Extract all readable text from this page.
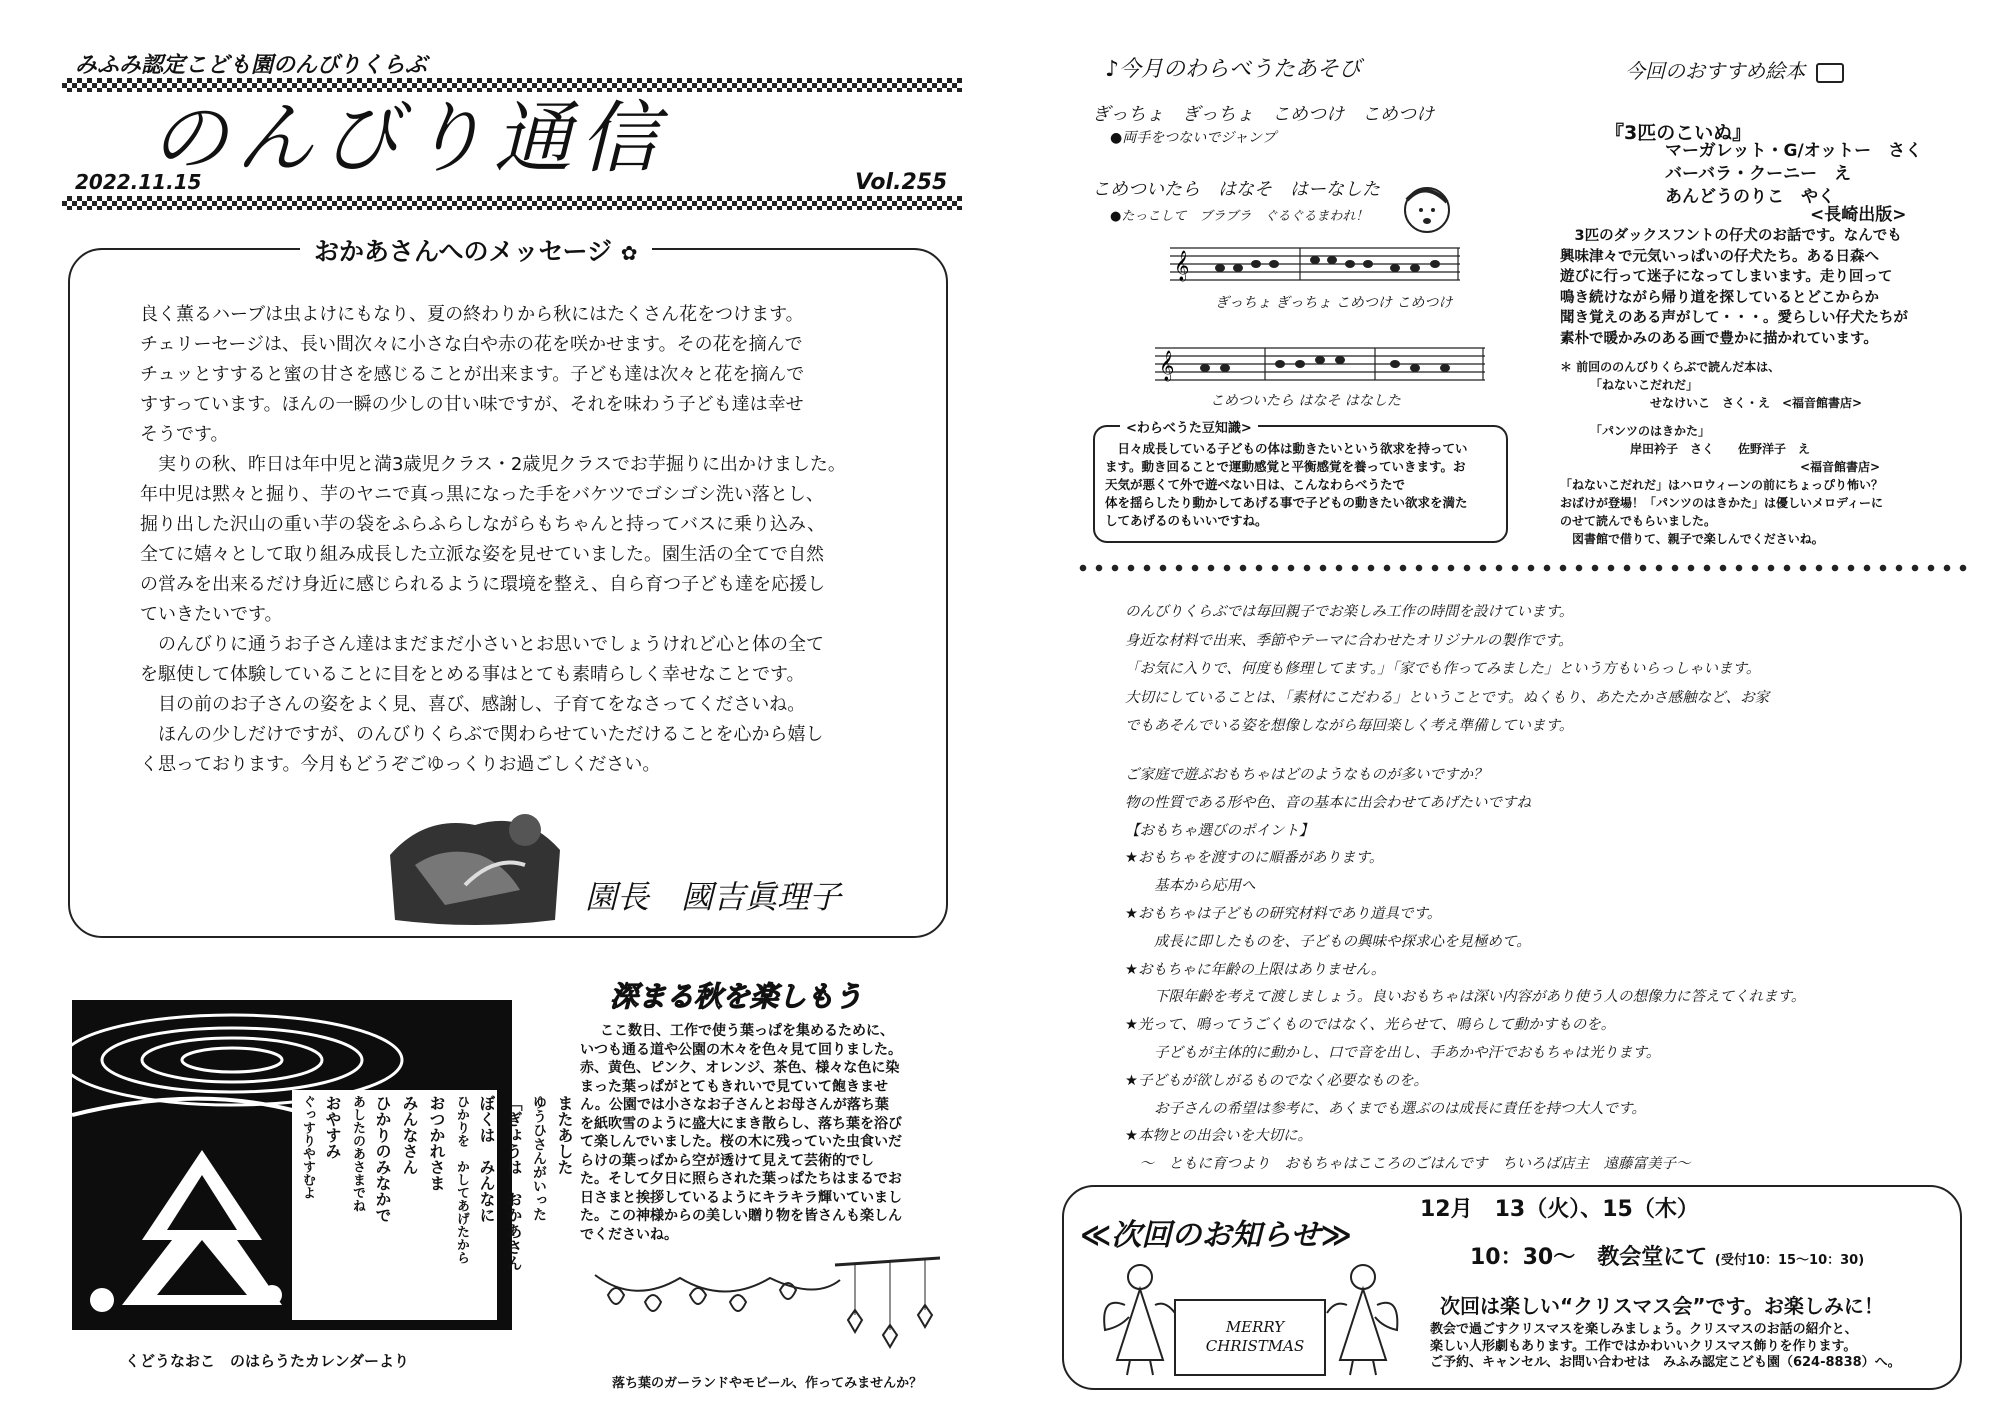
みふみ認定こども園のんびりくらぶ
のんびり通信
2022.11.15	Vol.255
おかあさんへのメッセージ ✿
良く薫るハーブは虫よけにもなり、夏の終わりから秋にはたくさん花をつけます。
チェリーセージは、長い間次々に小さな白や赤の花を咲かせます。その花を摘んで
チュッとすすると蜜の甘さを感じることが出来ます。子ども達は次々と花を摘んで
すすっています。ほんの一瞬の少しの甘い味ですが、それを味わう子ども達は幸せ
そうです。
　実りの秋、昨日は年中児と満3歳児クラス・2歳児クラスでお芋掘りに出かけました。
年中児は黙々と掘り、芋のヤニで真っ黒になった手をバケツでゴシゴシ洗い落とし、
掘り出した沢山の重い芋の袋をふらふらしながらもちゃんと持ってバスに乗り込み、
全てに嬉々として取り組み成長した立派な姿を見せていました。園生活の全てで自然
の営みを出来るだけ身近に感じられるように環境を整え、自ら育つ子ども達を応援し
ていきたいです。
　のんびりに通うお子さん達はまだまだ小さいとお思いでしょうけれど心と体の全て
を駆使して体験していることに目をとめる事はとても素晴らしく幸せなことです。
　目の前のお子さんの姿をよく見、喜び、感謝し、子育てをなさってくださいね。
　ほんの少しだけですが、のんびりくらぶで関わらせていただけることを心から嬉し
く思っております。今月もどうぞごゆっくりお過ごしください。
園長　國吉眞理子
またあした
ゆうひさんがいった
「ぎょうは　おかあさん
ぼくは　みんなに
ひかりを　かしてあげたから
おつかれさま
みんなさん
ひかりのみなかで
あしたのあさまでね
おやすみ
ぐっすりやすむよ
くどうなおこ　のはらうたカレンダーより
深まる秋を楽しもう
ここ数日、工作で使う葉っぱを集めるために、
いつも通る道や公園の木々を色々見て回りました。
赤、黄色、ピンク、オレンジ、茶色、様々な色に染
まった葉っぱがとてもきれいで見ていて飽きませ
ん。公園では小さなお子さんとお母さんが落ち葉
を紙吹雪のように盛大にまき散らし、落ち葉を浴び
て楽しんでいました。桜の木に残っていた虫食いだ
らけの葉っぱから空が透けて見えて芸術的でし
た。そして夕日に照らされた葉っぱたちはまるでお
日さまと挨拶しているようにキラキラ輝いていまし
た。この神様からの美しい贈り物を皆さんも楽しん
でくださいね。
落ち葉のガーランドやモビール、作ってみませんか？
♪今月のわらべうたあそび
ぎっちょ　ぎっちょ　こめつけ　こめつけ
●両手をつないでジャンプ
こめついたら　はなそ　はーなした
●たっこして　ブラブラ　ぐるぐるまわれ！
𝄞
ぎっちょ ぎっちょ こめつけ こめつけ
𝄞
こめついたら はなそ はなした
<わらべうた豆知識>
　日々成長している子どもの体は動きたいという欲求を持ってい
ます。動き回ることで運動感覚と平衡感覚を養っていきます。お
天気が悪くて外で遊べない日は、こんなわらべうたで
体を揺らしたり動かしてあげる事で子どもの動きたい欲求を満た
してあげるのもいいですね。
今回のおすすめ絵本
『3匹のこいぬ』
マーガレット・G/オットー　さく
バーバラ・クーニー　え
あんどうのりこ　やく
<長崎出版>
　3匹のダックスフントの仔犬のお話です。なんでも
興味津々で元気いっぱいの仔犬たち。ある日森へ
遊びに行って迷子になってしまいます。走り回って
鳴き続けながら帰り道を探しているとどこからか
聞き覚えのある声がして・・・。愛らしい仔犬たちが
素朴で暖かみのある画で豊かに描かれています。
＊ 前回ののんびりくらぶで読んだ本は、
「ねないこだれだ」
せなけいこ　さく・え　<福音館書店>
「パンツのはきかた」
岸田衿子　さく　　佐野洋子　え
<福音館書店>
「ねないこだれだ」はハロウィーンの前にちょっぴり怖い？
おばけが登場！「パンツのはきかた」は優しいメロディーに
のせて読んでもらいました。
　図書館で借りて、親子で楽しんでくださいね。
のんびりくらぶでは毎回親子でお楽しみ工作の時間を設けています。
身近な材料で出来、季節やテーマに合わせたオリジナルの製作です。
「お気に入りで、何度も修理してます。」「家でも作ってみました」という方もいらっしゃいます。
大切にしていることは、「素材にこだわる」ということです。ぬくもり、あたたかさ感触など、お家
でもあそんでいる姿を想像しながら毎回楽しく考え準備しています。
ご家庭で遊ぶおもちゃはどのようなものが多いですか？
物の性質である形や色、音の基本に出会わせてあげたいですね
【おもちゃ選びのポイント】
★おもちゃを渡すのに順番があります。
　　基本から応用へ
★おもちゃは子どもの研究材料であり道具です。
　　成長に即したものを、子どもの興味や探求心を見極めて。
★おもちゃに年齢の上限はありません。
　　下限年齢を考えて渡しましょう。良いおもちゃは深い内容があり使う人の想像力に答えてくれます。
★光って、鳴ってうごくものではなく、光らせて、鳴らして動かすものを。
　　子どもが主体的に動かし、口で音を出し、手あかや汗でおもちゃは光ります。
★子どもが欲しがるものでなく必要なものを。
　　お子さんの希望は参考に、あくまでも選ぶのは成長に責任を持つ大人です。
★本物との出会いを大切に。
　～　ともに育つより　おもちゃはこころのごはんです　ちいろば店主　遠藤富美子～
≪次回のお知らせ≫
12月　13（火）、15（木）
10：30～　教会堂にて (受付10：15～10：30)
次回は楽しい“クリスマス会”です。お楽しみに！
教会で過ごすクリスマスを楽しみましょう。クリスマスのお話の紹介と、
楽しい人形劇もあります。工作ではかわいいクリスマス飾りを作ります。
ご予約、キャンセル、お問い合わせは　みふみ認定こども園（624-8838）へ。
MERRY
CHRISTMAS
